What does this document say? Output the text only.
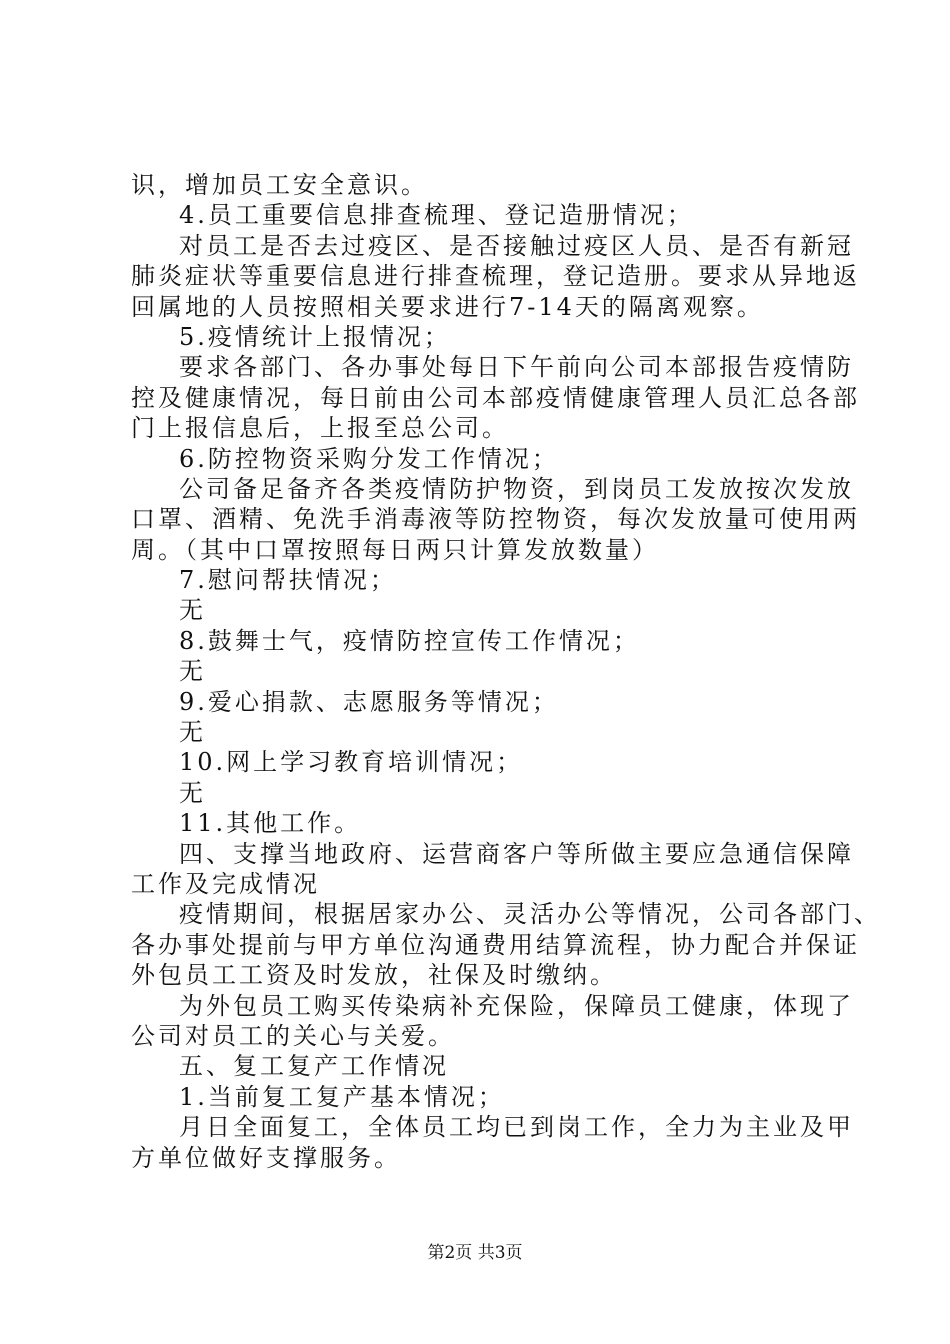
识，增加员工安全意识。
4.员工重要信息排查梳理、登记造册情况；
对员工是否去过疫区、是否接触过疫区人员、是否有新冠
肺炎症状等重要信息进行排查梳理，登记造册。要求从异地返
回属地的人员按照相关要求进行7-14天的隔离观察。
5.疫情统计上报情况；
要求各部门、各办事处每日下午前向公司本部报告疫情防
控及健康情况，每日前由公司本部疫情健康管理人员汇总各部
门上报信息后，上报至总公司。
6.防控物资采购分发工作情况；
公司备足备齐各类疫情防护物资，到岗员工发放按次发放
口罩、酒精、免洗手消毒液等防控物资，每次发放量可使用两
周。（其中口罩按照每日两只计算发放数量）
7.慰问帮扶情况；
无
8.鼓舞士气，疫情防控宣传工作情况；
无
9.爱心捐款、志愿服务等情况；
无
10.网上学习教育培训情况；
无
11.其他工作。
四、支撑当地政府、运营商客户等所做主要应急通信保障
工作及完成情况
疫情期间，根据居家办公、灵活办公等情况，公司各部门、
各办事处提前与甲方单位沟通费用结算流程，协力配合并保证
外包员工工资及时发放，社保及时缴纳。
为外包员工购买传染病补充保险，保障员工健康，体现了
公司对员工的关心与关爱。
五、复工复产工作情况
1.当前复工复产基本情况；
月日全面复工，全体员工均已到岗工作，全力为主业及甲
方单位做好支撑服务。
第2页 共3页
